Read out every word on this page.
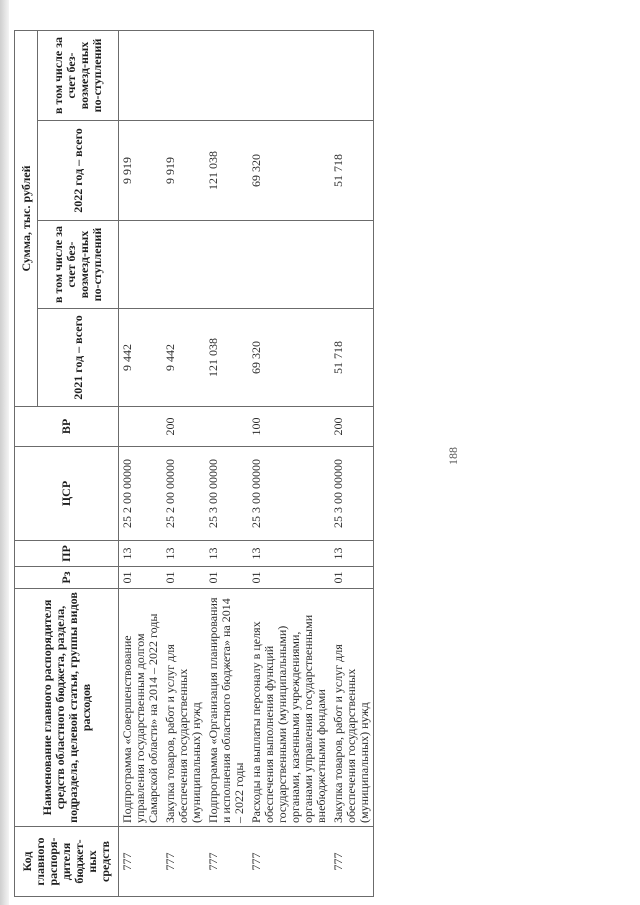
188
Код главного распоря-дителя бюджет-ных средств	Наименование главного распорядителя средств областного бюджета, раздела, подраздела, целевой статьи, группы видов расходов	Рз	ПР	ЦСР	ВР	Сумма, тыс. рублей			
						2021 год – всего	в том числе за счет без-возмезд-ных по-ступлений	2022 год – всего	в том числе за счет без-возмезд-ных по-ступлений
777	Подпрограмма «Совершенствование управления государственным долгом Самарской области» на 2014 – 2022 годы	01	13	25 2 00 00000		9 442		9 919	
777	Закупка товаров, работ и услуг для обеспечения государственных (муниципальных) нужд	01	13	25 2 00 00000	200	9 442		9 919	
777	Подпрограмма «Организация планирования и исполнения областного бюджета» на 2014 – 2022 годы	01	13	25 3 00 00000		121 038		121 038	
777	Расходы на выплаты персоналу в целях обеспечения выполнения функций государственными (муниципальными) органами, казенными учреждениями, органами управления государственными внебюджетными фондами	01	13	25 3 00 00000	100	69 320		69 320	
777	Закупка товаров, работ и услуг для обеспечения государственных (муниципальных) нужд	01	13	25 3 00 00000	200	51 718		51 718	
